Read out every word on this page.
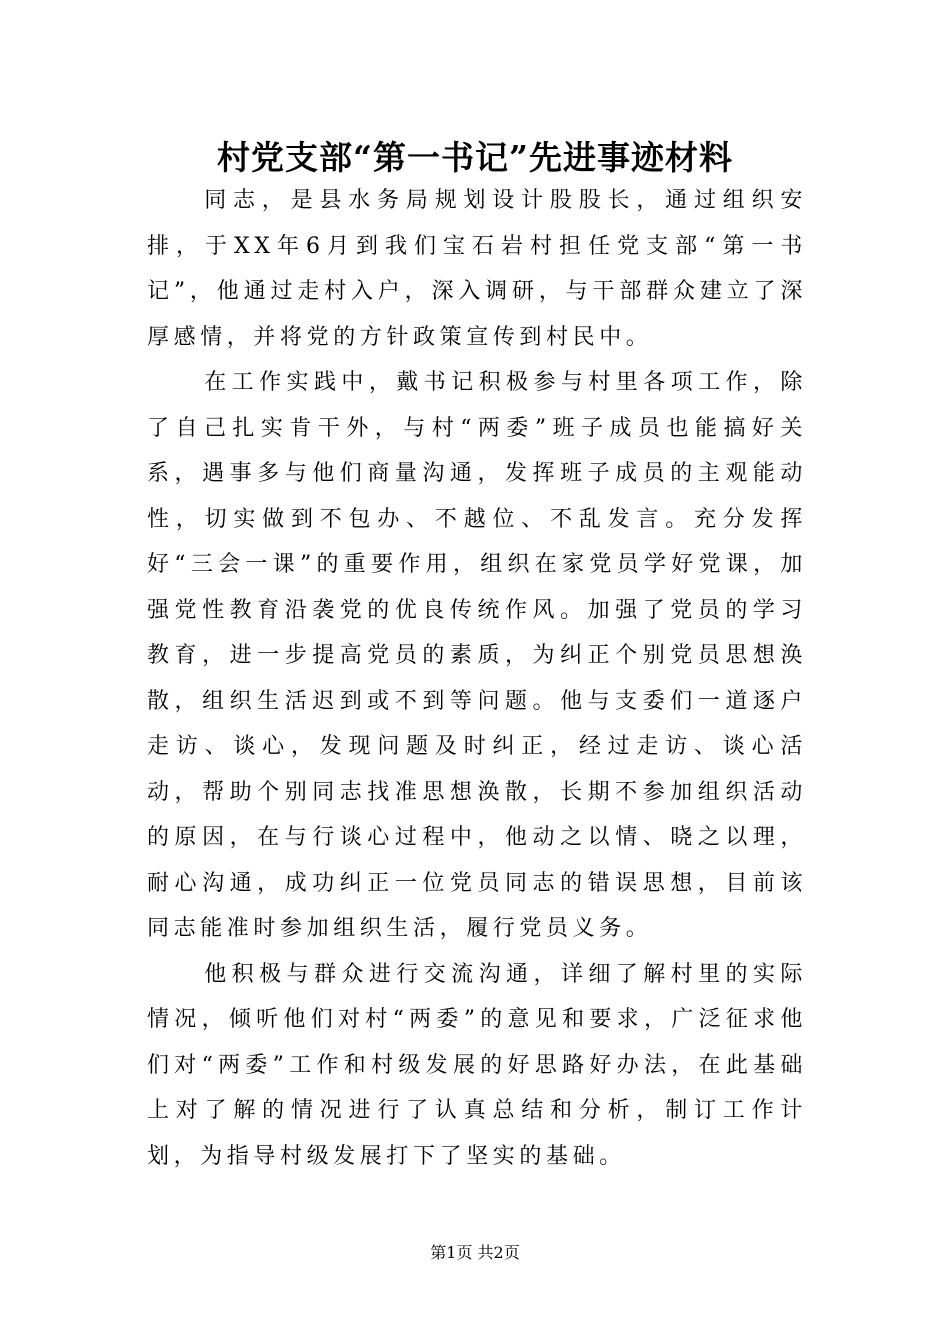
村党支部“第一书记”先进事迹材料

同志，是县水务局规划设计股股长，通过组织安排，于XX年6月到我们宝石岩村担任党支部“第一书记”，他通过走村入户，深入调研，与干部群众建立了深厚感情，并将党的方针政策宣传到村民中。

在工作实践中，戴书记积极参与村里各项工作，除了自己扎实肯干外，与村“两委”班子成员也能搞好关系，遇事多与他们商量沟通，发挥班子成员的主观能动性，切实做到不包办、不越位、不乱发言。充分发挥好“三会一课”的重要作用，组织在家党员学好党课，加强党性教育沿袭党的优良传统作风。加强了党员的学习教育，进一步提高党员的素质，为纠正个别党员思想涣散，组织生活迟到或不到等问题。他与支委们一道逐户走访、谈心，发现问题及时纠正，经过走访、谈心活动，帮助个别同志找准思想涣散，长期不参加组织活动的原因，在与行谈心过程中，他动之以情、晓之以理，耐心沟通，成功纠正一位党员同志的错误思想，目前该同志能准时参加组织生活，履行党员义务。

他积极与群众进行交流沟通，详细了解村里的实际情况，倾听他们对村“两委”的意见和要求，广泛征求他们对“两委”工作和村级发展的好思路好办法，在此基础上对了解的情况进行了认真总结和分析，制订工作计划，为指导村级发展打下了坚实的基础。

第1页 共2页
